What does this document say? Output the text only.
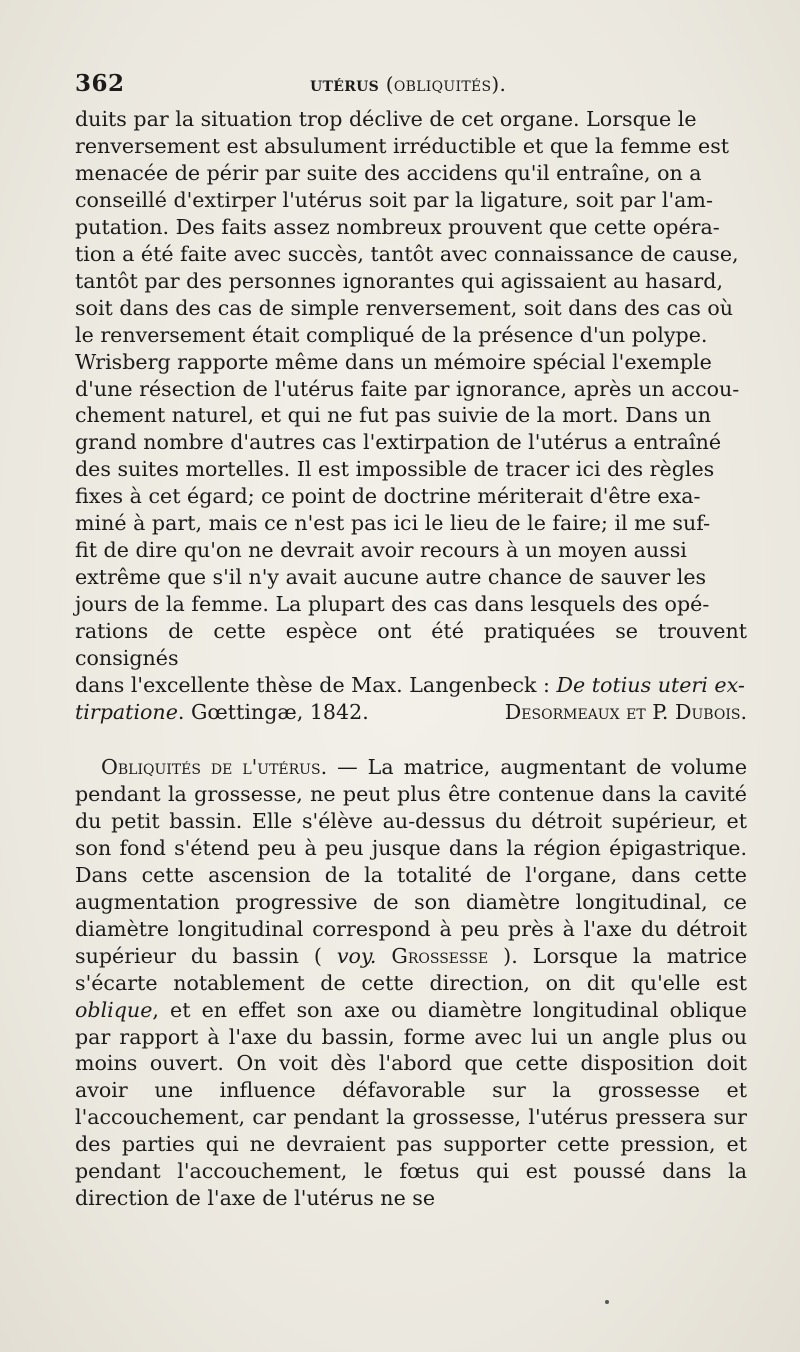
362	utérus (obliquités).
duits par la situation trop déclive de cet organe. Lorsque le
renversement est absulument irréductible et que la femme est
menacée de périr par suite des accidens qu'il entraîne, on a
conseillé d'extirper l'utérus soit par la ligature, soit par l'am-
putation. Des faits assez nombreux prouvent que cette opéra-
tion a été faite avec succès, tantôt avec connaissance de cause,
tantôt par des personnes ignorantes qui agissaient au hasard,
soit dans des cas de simple renversement, soit dans des cas où
le renversement était compliqué de la présence d'un polype.
Wrisberg rapporte même dans un mémoire spécial l'exemple
d'une résection de l'utérus faite par ignorance, après un accou-
chement naturel, et qui ne fut pas suivie de la mort. Dans un
grand nombre d'autres cas l'extirpation de l'utérus a entraîné
des suites mortelles. Il est impossible de tracer ici des règles
fixes à cet égard; ce point de doctrine mériterait d'être exa-
miné à part, mais ce n'est pas ici le lieu de le faire; il me suf-
fit de dire qu'on ne devrait avoir recours à un moyen aussi
extrême que s'il n'y avait aucune autre chance de sauver les
jours de la femme. La plupart des cas dans lesquels des opé-
rations de cette espèce ont été pratiquées se trouvent consignés
dans l'excellente thèse de Max. Langenbeck : De totius uteri ex-
tirpatione. Gœttingæ, 1842.	Desormeaux et P. Dubois.

Obliquités de l'utérus. — La matrice, augmentant de volume pendant la grossesse, ne peut plus être contenue dans la cavité du petit bassin. Elle s'élève au-dessus du détroit supérieur, et son fond s'étend peu à peu jusque dans la région épigastrique. Dans cette ascension de la totalité de l'organe, dans cette augmentation progressive de son diamètre longitudinal, ce diamètre longitudinal correspond à peu près à l'axe du détroit supérieur du bassin ( voy. Grossesse ). Lorsque la matrice s'écarte notablement de cette direction, on dit qu'elle est oblique, et en effet son axe ou diamètre longitudinal oblique par rapport à l'axe du bassin, forme avec lui un angle plus ou moins ouvert. On voit dès l'abord que cette disposition doit avoir une influence défavorable sur la grossesse et l'accouchement, car pendant la grossesse, l'utérus pressera sur des parties qui ne devraient pas supporter cette pression, et pendant l'accouchement, le fœtus qui est poussé dans la direction de l'axe de l'utérus ne se
